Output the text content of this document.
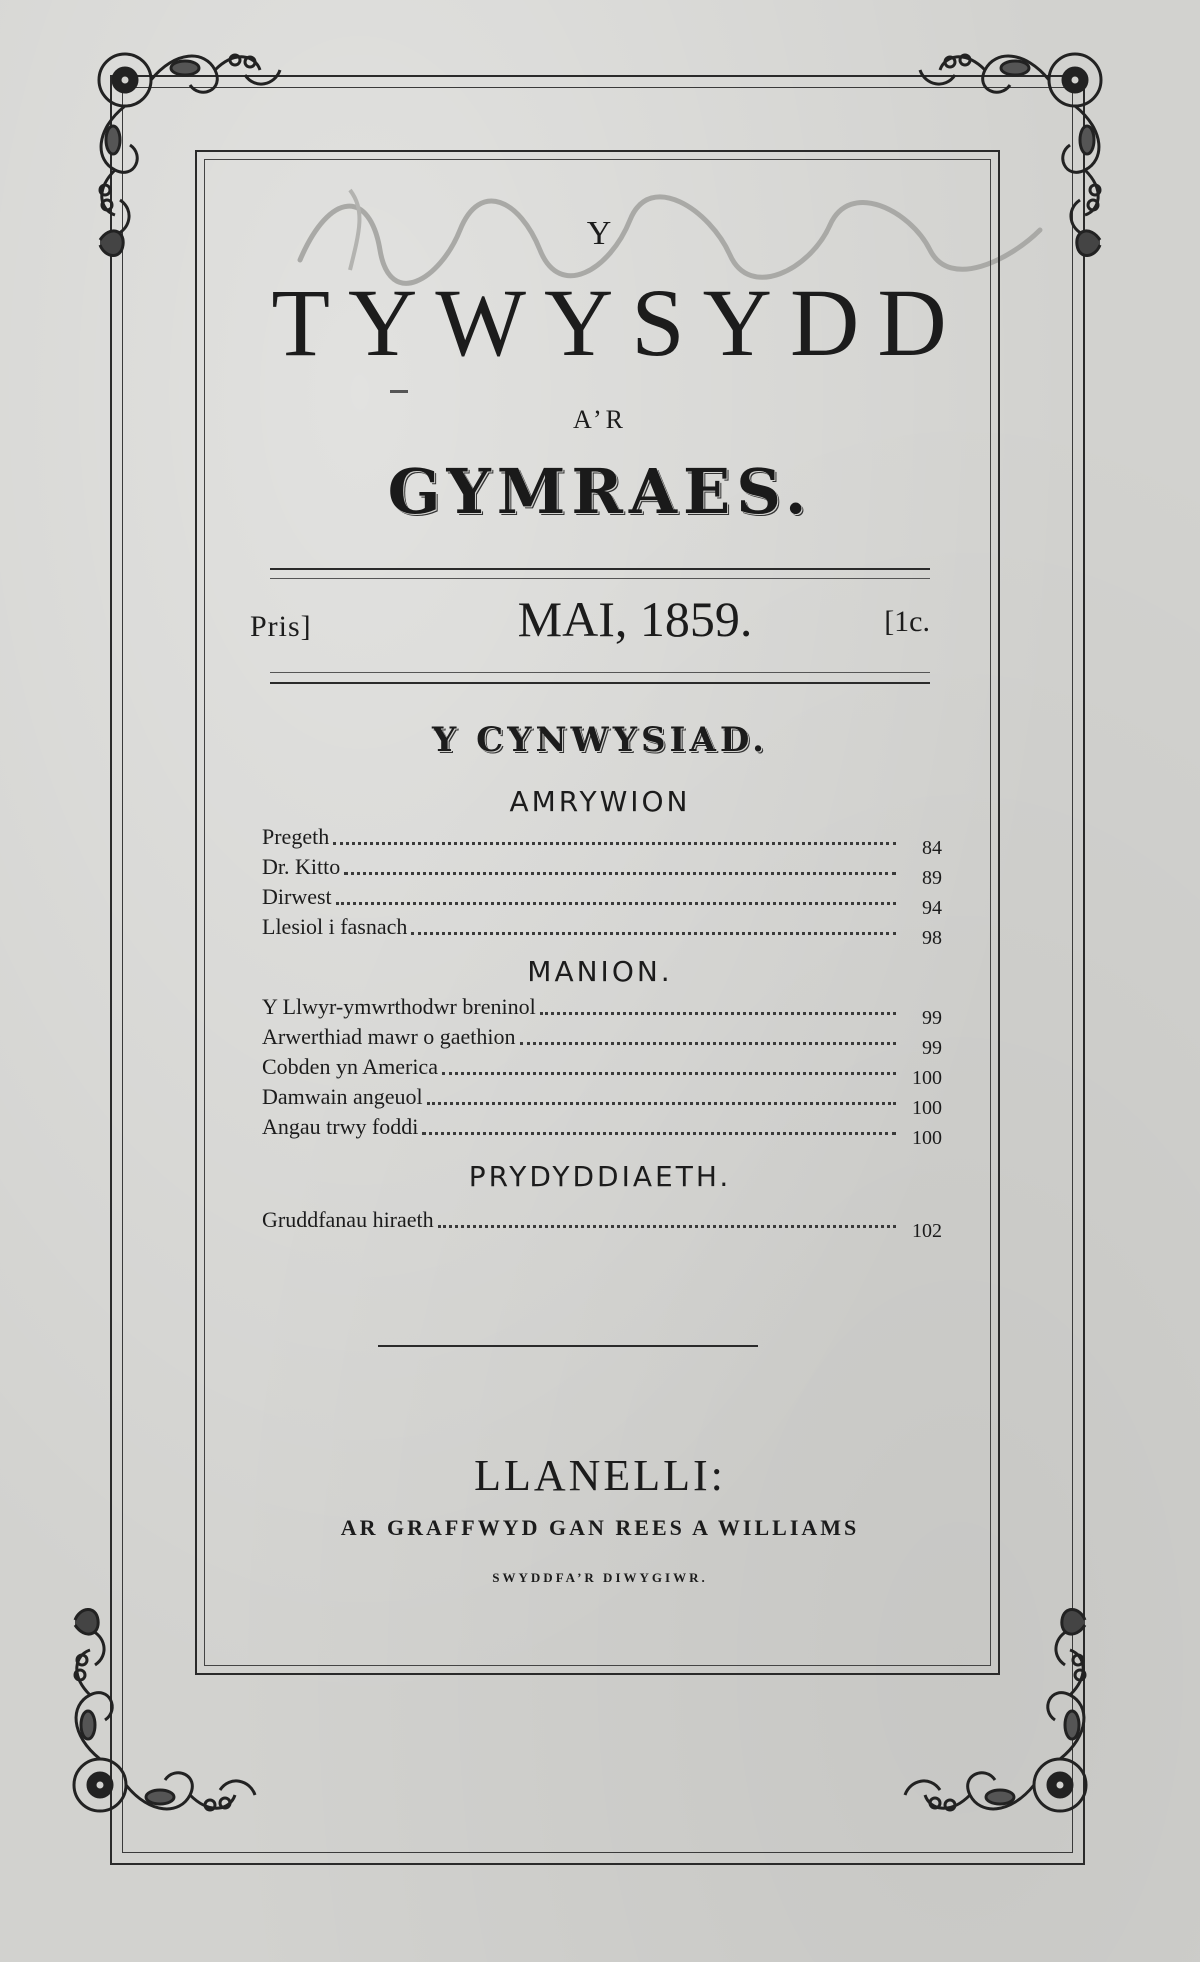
Y
TYWYSYDD
A’R
GYMRAES.
Pris]	MAI, 1859.	[1c.
Y CYNWYSIAD.
AMRYWION
Pregeth	84
Dr. Kitto	89
Dirwest	94
Llesiol i fasnach	98
MANION.
Y Llwyr-ymwrthodwr breninol	99
Arwerthiad mawr o gaethion	99
Cobden yn America	100
Damwain angeuol	100
Angau trwy foddi	100
PRYDYDDIAETH.
Gruddfanau hiraeth	102
LLANELLI:
AR GRAFFWYD GAN REES A WILLIAMS
SWYDDFA’R DIWYGIWR.
